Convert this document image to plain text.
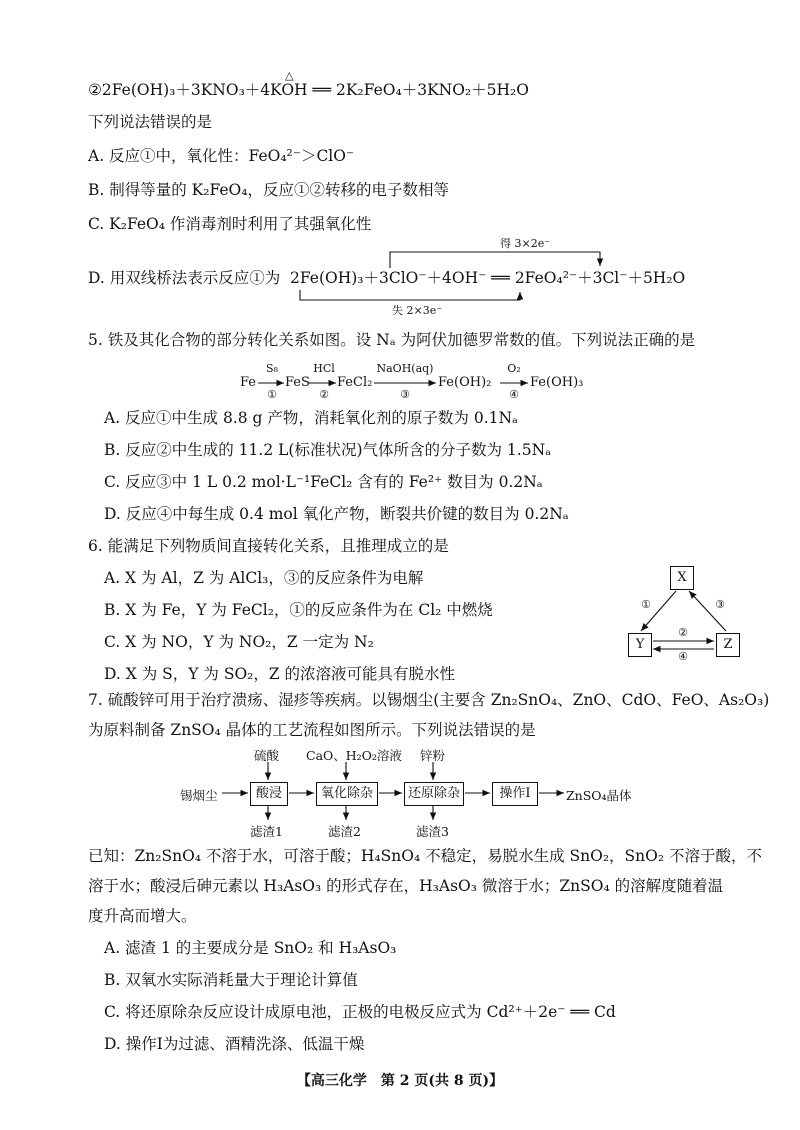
②2Fe(OH)₃＋3KNO₃＋4KOH ══ 2K₂FeO₄＋3KNO₂＋5H₂O
△
下列说法错误的是
A. 反应①中，氧化性：FeO₄²⁻＞ClO⁻
B. 制得等量的 K₂FeO₄，反应①②转移的电子数相等
C. K₂FeO₄ 作消毒剂时利用了其强氧化性
D. 用双线桥法表示反应①为 2Fe(OH)₃＋3ClO⁻＋4OH⁻ ══ 2FeO₄²⁻＋3Cl⁻＋5H₂O
得 3×2e⁻
失 2×3e⁻
5. 铁及其化合物的部分转化关系如图。设 Nₐ 为阿伏加德罗常数的值。下列说法正确的是
Fe FeS FeCl₂	Fe(OH)₂	Fe(OH)₃
S₈	HCl	NaOH(aq)	O₂
①	②	③	④
A. 反应①中生成 8.8 g 产物，消耗氧化剂的原子数为 0.1Nₐ
B. 反应②中生成的 11.2 L(标准状况)气体所含的分子数为 1.5Nₐ
C. 反应③中 1 L 0.2 mol·L⁻¹FeCl₂ 含有的 Fe²⁺ 数目为 0.2Nₐ
D. 反应④中每生成 0.4 mol 氧化产物，断裂共价键的数目为 0.2Nₐ
6. 能满足下列物质间直接转化关系，且推理成立的是
A. X 为 Al，Z 为 AlCl₃，③的反应条件为电解
B. X 为 Fe，Y 为 FeCl₂，①的反应条件为在 Cl₂ 中燃烧
C. X 为 NO，Y 为 NO₂，Z 一定为 N₂
D. X 为 S，Y 为 SO₂，Z 的浓溶液可能具有脱水性
X
Y	Z
①	③
②
④
7. 硫酸锌可用于治疗溃疡、湿疹等疾病。以锡烟尘(主要含 Zn₂SnO₄、ZnO、CdO、FeO、As₂O₃)
为原料制备 ZnSO₄ 晶体的工艺流程如图所示。下列说法错误的是
锡烟尘	酸浸	氧化除杂	还原除杂	操作Ⅰ	ZnSO₄晶体
硫酸 CaO、H₂O₂溶液 锌粉
滤渣1	滤渣2	滤渣3
已知：Zn₂SnO₄ 不溶于水，可溶于酸；H₄SnO₄ 不稳定，易脱水生成 SnO₂，SnO₂ 不溶于酸，不
溶于水；酸浸后砷元素以 H₃AsO₃ 的形式存在，H₃AsO₃ 微溶于水；ZnSO₄ 的溶解度随着温
度升高而增大。
A. 滤渣 1 的主要成分是 SnO₂ 和 H₃AsO₃
B. 双氧水实际消耗量大于理论计算值
C. 将还原除杂反应设计成原电池，正极的电极反应式为 Cd²⁺＋2e⁻ ══ Cd
D. 操作Ⅰ为过滤、酒精洗涤、低温干燥
【高三化学　第 2 页(共 8 页)】
